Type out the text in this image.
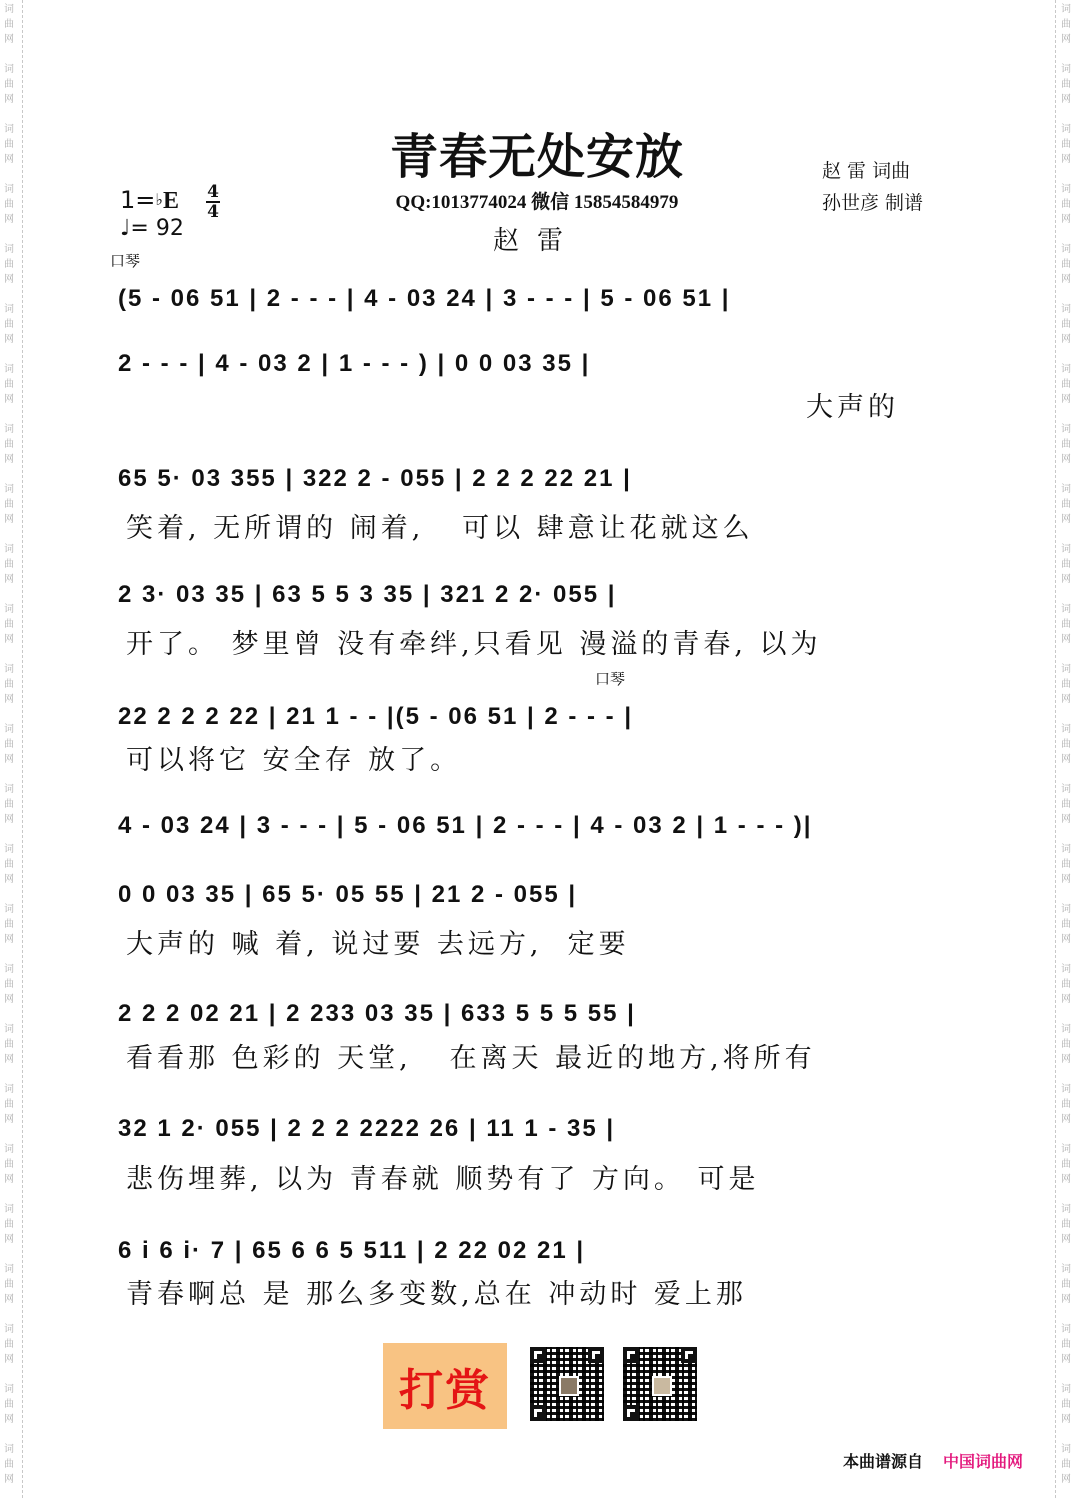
词
曲
网
词
曲
网
词
曲
网
词
曲
网
词
曲
网
词
曲
网
词
曲
网
词
曲
网
词
曲
网
词
曲
网
词
曲
网
词
曲
网
词
曲
网
词
曲
网
词
曲
网
词
曲
网
词
曲
网
词
曲
网
词
曲
网
词
曲
网
词
曲
网
词
曲
网
词
曲
网
词
曲
网
词
曲
网
词
曲
网
词
曲
网
词
曲
网
词
曲
网
词
曲
网
词
曲
网
词
曲
网
词
曲
网
词
曲
网
词
曲
网
词
曲
网
词
曲
网
词
曲
网
词
曲
网
词
曲
网
词
曲
网
词
曲
网
词
曲
网
词
曲
网
词
曲
网
词
曲
网
词
曲
网
词
曲
网
词
曲
网
词
曲
网
青春无处安放
QQ:1013774024 微信 15854584979
赵雷
赵 雷 词曲
孙世彦 制谱
1=♭E 4
4
♩= 92
口琴
口琴
(5 - 06 51 | 2 - - - | 4 - 03 24 | 3 - - - | 5 - 06 51 |
2 - - - | 4 - 03 2 | 1 - - - ) | 0 0 03 35 |
大声的
65 5· 03 355 | 322 2 - 055 | 2 2 2 22 21 |
笑着, 无所谓的 闹着,   可以 肆意让花就这么
2 3· 03 35 | 63 5 5 3 35 | 321 2 2· 055 |
开了。 梦里曾 没有牵绊,只看见 漫溢的青春, 以为
22 2 2 2 22 | 21 1 - - |(5 - 06 51 | 2 - - - |
可以将它 安全存 放了。
4 - 03 24 | 3 - - - | 5 - 06 51 | 2 - - - | 4 - 03 2 | 1 - - - )|
0 0 03 35 | 65 5· 05 55 | 21 2 - 055 |
大声的 喊 着, 说过要 去远方,  定要
2 2 2 02 21 | 2 233 03 35 | 633 5 5 5 55 |
看看那 色彩的 天堂,   在离天 最近的地方,将所有
32 1 2· 055 | 2 2 2 2222 26 | 11 1 - 35 |
悲伤埋葬, 以为 青春就 顺势有了 方向。 可是
6 i 6 i· 7 | 65 6 6 5 511 | 2 22 02 21 |
青春啊总 是 那么多变数,总在 冲动时 爱上那
打赏
本曲谱源自 中国词曲网
